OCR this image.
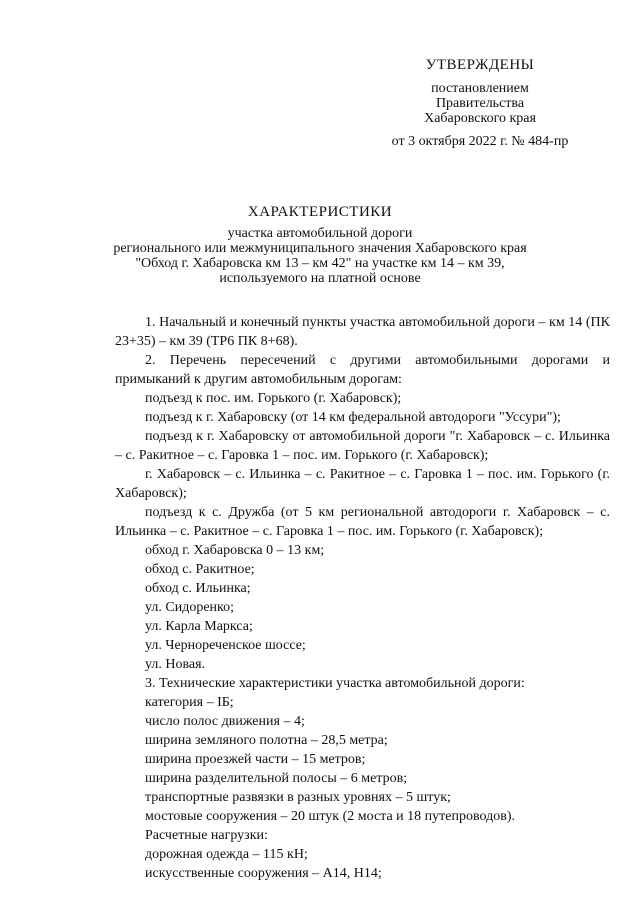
УТВЕРЖДЕНЫ
постановлением
Правительства
Хабаровского края
от 3 октября 2022 г. № 484-пр
ХАРАКТЕРИСТИКИ
участка автомобильной дороги
регионального или межмуниципального значения Хабаровского края
"Обход г. Хабаровска км 13 – км 42" на участке км 14 – км 39,
используемого на платной основе

1. Начальный и конечный пункты участка автомобильной дороги – км 14 (ПК 23+35) – км 39 (ТР6 ПК 8+68).

2. Перечень пересечений с другими автомобильными дорогами и примыканий к другим автомобильным дорогам:

подъезд к пос. им. Горького (г. Хабаровск);

подъезд к г. Хабаровску (от 14 км федеральной автодороги "Уссури");

подъезд к г. Хабаровску от автомобильной дороги "г. Хабаровск – с. Ильинка – с. Ракитное – с. Гаровка 1 – пос. им. Горького (г. Хабаровск);

г. Хабаровск – с. Ильинка – с. Ракитное – с. Гаровка 1 – пос. им. Горького (г. Хабаровск);

подъезд к с. Дружба (от 5 км региональной автодороги г. Хабаровск – с. Ильинка – с. Ракитное – с. Гаровка 1 – пос. им. Горького (г. Хабаровск);

обход г. Хабаровска 0 – 13 км;

обход с. Ракитное;

обход с. Ильинка;

ул. Сидоренко;

ул. Карла Маркса;

ул. Чернореченское шоссе;

ул. Новая.

3. Технические характеристики участка автомобильной дороги:

категория – IБ;

число полос движения – 4;

ширина земляного полотна – 28,5 метра;

ширина проезжей части – 15 метров;

ширина разделительной полосы – 6 метров;

транспортные развязки в разных уровнях – 5 штук;

мостовые сооружения – 20 штук (2 моста и 18 путепроводов).

Расчетные нагрузки:

дорожная одежда – 115 кН;

искусственные сооружения – А14, Н14;
